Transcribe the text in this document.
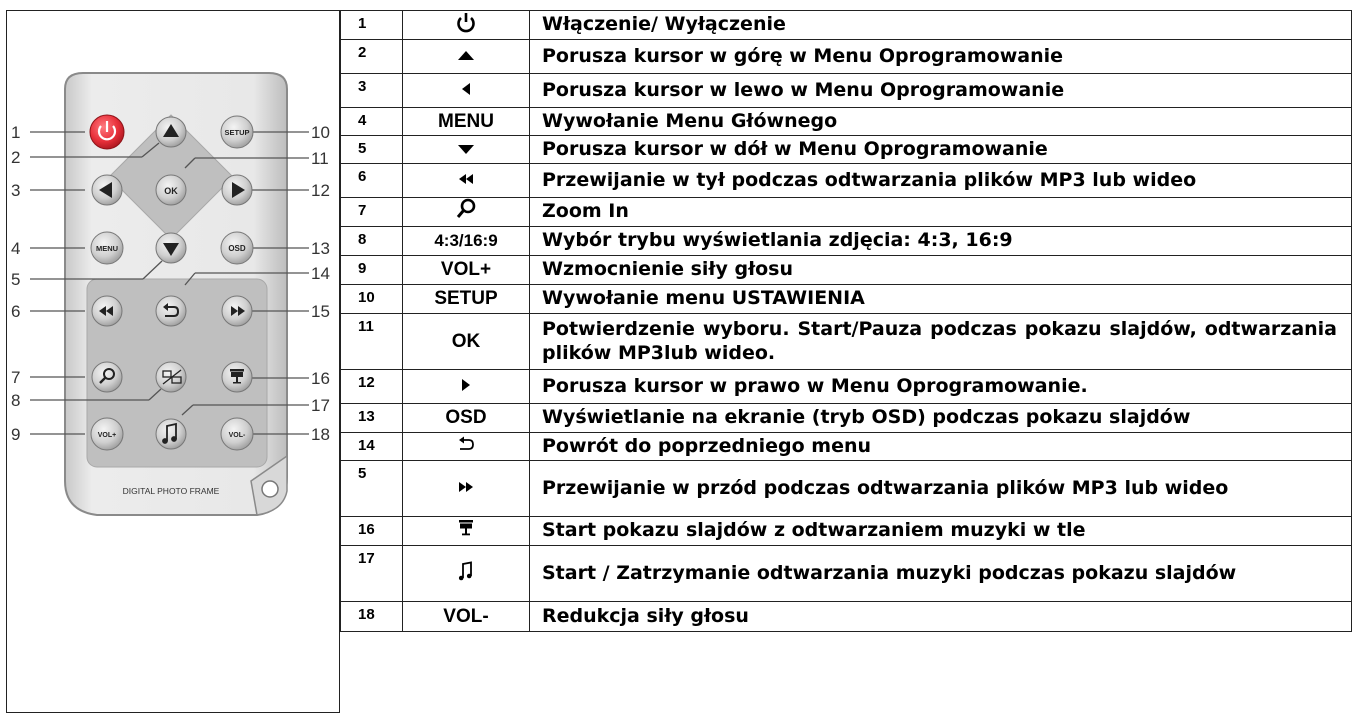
1
2
3
4
5
6
7
8
9
10
11
12
13
14
15
16
17
18
SETUP
OK
MENU	OSD
VOL+	VOL-
DIGITAL PHOTO FRAME
1		Włączenie/ Wyłączenie
2		Porusza kursor w górę w Menu Oprogramowanie
3		Porusza kursor w lewo w Menu Oprogramowanie
4	MENU	Wywołanie Menu Głównego
5		Porusza kursor w dół w Menu Oprogramowanie
6		Przewijanie w tył podczas odtwarzania plików MP3 lub wideo
7		Zoom In
8	4:3/16:9	Wybór trybu wyświetlania zdjęcia: 4:3, 16:9
9	VOL+	Wzmocnienie siły głosu
10	SETUP	Wywołanie menu USTAWIENIA
11	OK	Potwierdzenie wyboru. Start/Pauza podczas pokazu slajdów, odtwarzania plików MP3lub wideo.
12		Porusza kursor w prawo w Menu Oprogramowanie.
13	OSD	Wyświetlanie na ekranie (tryb OSD) podczas pokazu slajdów
14		Powrót do poprzedniego menu
5		Przewijanie w przód podczas odtwarzania plików MP3 lub wideo
16		Start pokazu slajdów z odtwarzaniem muzyki w tle
17		Start / Zatrzymanie odtwarzania muzyki podczas pokazu slajdów
18	VOL-	Redukcja siły głosu
